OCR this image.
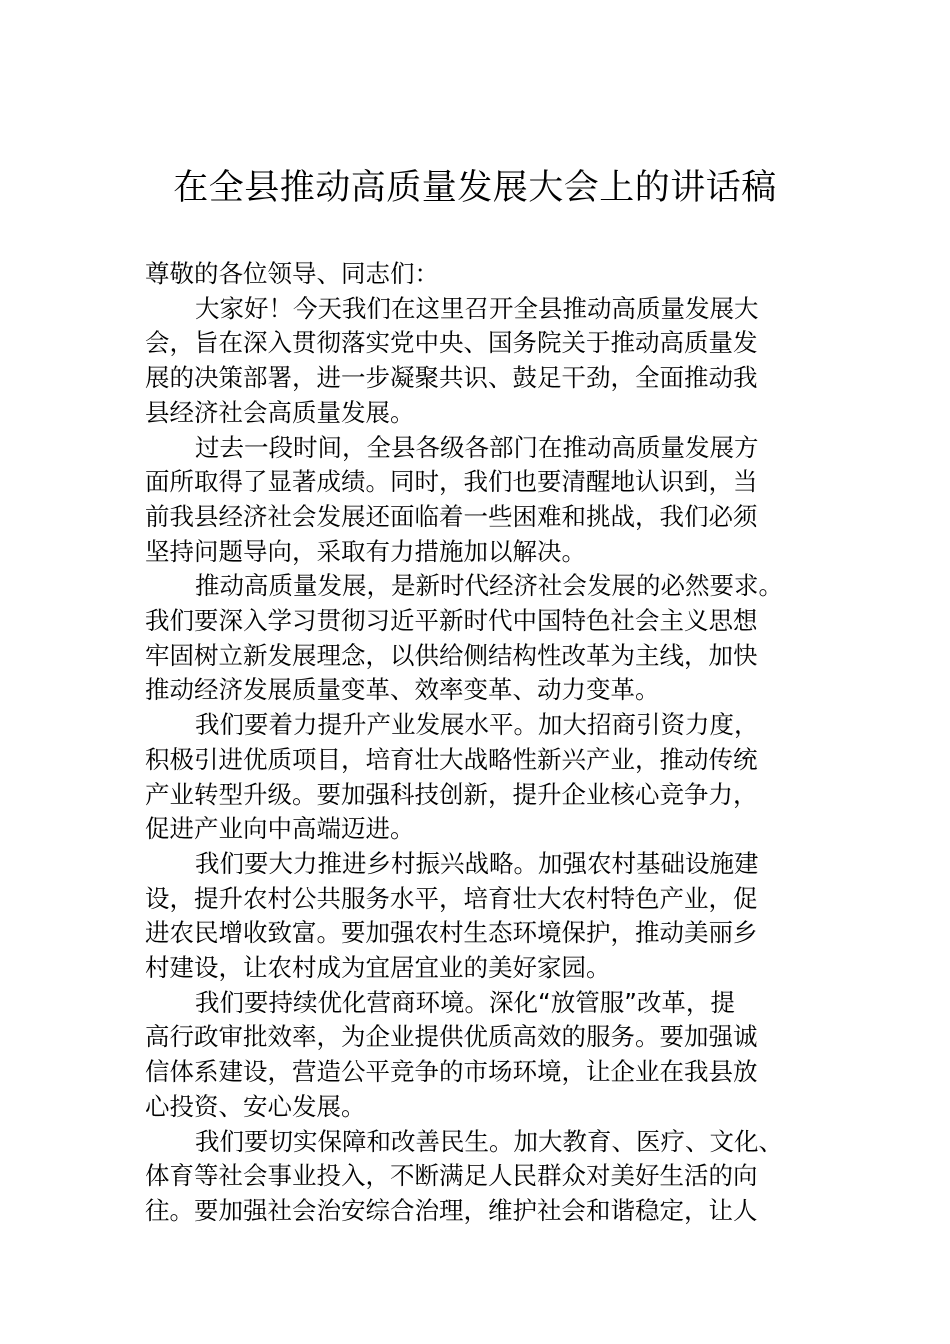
在全县推动高质量发展大会上的讲话稿

尊敬的各位领导、同志们：

大家好！今天我们在这里召开全县推动高质量发展大
会，旨在深入贯彻落实党中央、国务院关于推动高质量发
展的决策部署，进一步凝聚共识、鼓足干劲，全面推动我
县经济社会高质量发展。
过去一段时间，全县各级各部门在推动高质量发展方
面所取得了显著成绩。同时，我们也要清醒地认识到，当
前我县经济社会发展还面临着一些困难和挑战，我们必须
坚持问题导向，采取有力措施加以解决。
推动高质量发展，是新时代经济社会发展的必然要求。
我们要深入学习贯彻习近平新时代中国特色社会主义思想
牢固树立新发展理念，以供给侧结构性改革为主线，加快
推动经济发展质量变革、效率变革、动力变革。
我们要着力提升产业发展水平。加大招商引资力度，
积极引进优质项目，培育壮大战略性新兴产业，推动传统
产业转型升级。要加强科技创新，提升企业核心竞争力，
促进产业向中高端迈进。
我们要大力推进乡村振兴战略。加强农村基础设施建
设，提升农村公共服务水平，培育壮大农村特色产业，促
进农民增收致富。要加强农村生态环境保护，推动美丽乡
村建设，让农村成为宜居宜业的美好家园。
我们要持续优化营商环境。深化“放管服”改革，提
高行政审批效率，为企业提供优质高效的服务。要加强诚
信体系建设，营造公平竞争的市场环境，让企业在我县放
心投资、安心发展。
我们要切实保障和改善民生。加大教育、医疗、文化、
体育等社会事业投入，不断满足人民群众对美好生活的向
往。要加强社会治安综合治理，维护社会和谐稳定，让人
